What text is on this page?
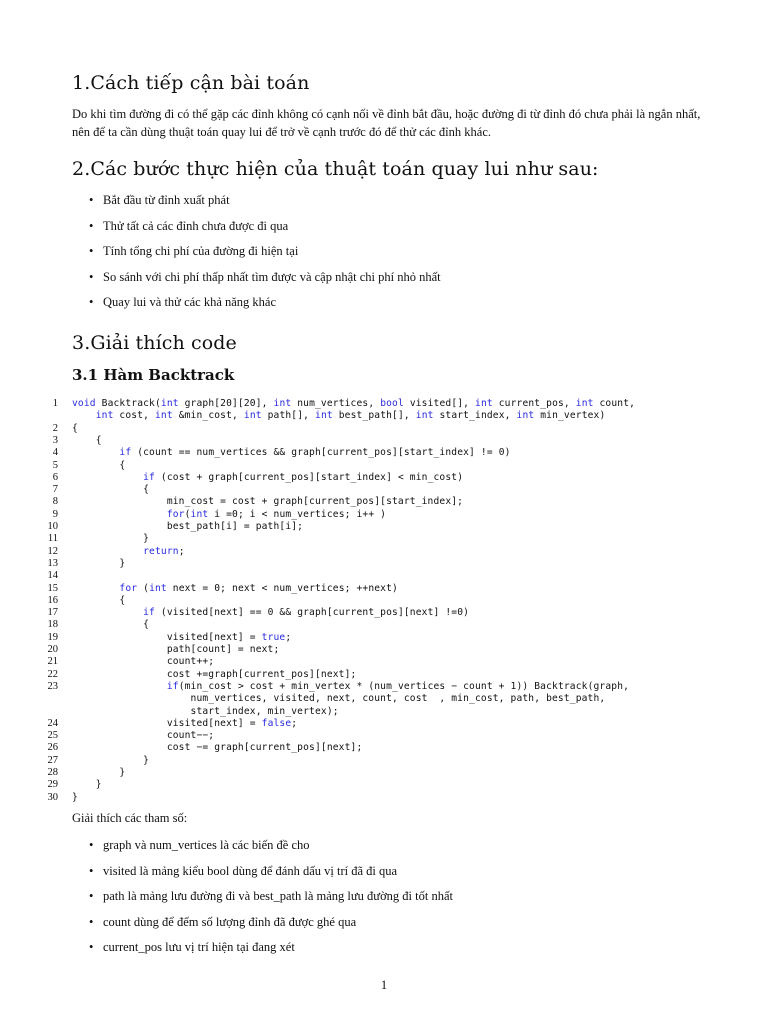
1.Cách tiếp cận bài toán

Do khi tìm đường đi có thể gặp các đỉnh không có cạnh nối về đỉnh bắt đầu, hoặc đường đi từ đỉnh đó chưa phải là ngắn nhất, nên để ta cần dùng thuật toán quay lui để trở về cạnh trước đó để thử các đỉnh khác.

2.Các bước thực hiện của thuật toán quay lui như sau:
• Bắt đầu từ đỉnh xuất phát
• Thử tất cả các đỉnh chưa được đi qua
• Tính tổng chi phí của đường đi hiện tại
• So sánh với chi phí thấp nhất tìm được và cập nhật chi phí nhỏ nhất
• Quay lui và thử các khả năng khác
3.Giải thích code
3.1 Hàm Backtrack
1 void Backtrack(int graph[20][20], int num_vertices, bool visited[], int current_pos, int count,
int cost, int &min_cost, int path[], int best_path[], int start_index, int min_vertex)
2 {
3 {
4	if (count == num_vertices && graph[current_pos][start_index] != 0)
5 {
6	if (cost + graph[current_pos][start_index] < min_cost)
7 {
8 min_cost = cost + graph[current_pos][start_index];
9	for(int i =0; i < num_vertices; i++ )
10 best_path[i] = path[i];
11 }
12	return;
13 }
14
15	for (int next = 0; next < num_vertices; ++next)
16 {
17	if (visited[next] == 0 && graph[current_pos][next] !=0)
18 {
19 visited[next] = true;
20 path[count] = next;
21 count++;
22 cost +=graph[current_pos][next];
23	if(min_cost > cost + min_vertex * (num_vertices − count + 1)) Backtrack(graph,
num_vertices, visited, next, count, cost  , min_cost, path, best_path,
start_index, min_vertex);
24 visited[next] = false;
25 count−−;
26 cost −= graph[current_pos][next];
27 }
28 }
29 }
30 }

Giải thích các tham số:

• graph và num_vertices là các biến đề cho
• visited là mảng kiểu bool dùng để đánh dấu vị trí đã đi qua
• path là mảng lưu đường đi và best_path là mảng lưu đường đi tốt nhất
• count dùng để đếm số lượng đỉnh đã được ghé qua
• current_pos lưu vị trí hiện tại đang xét
1
